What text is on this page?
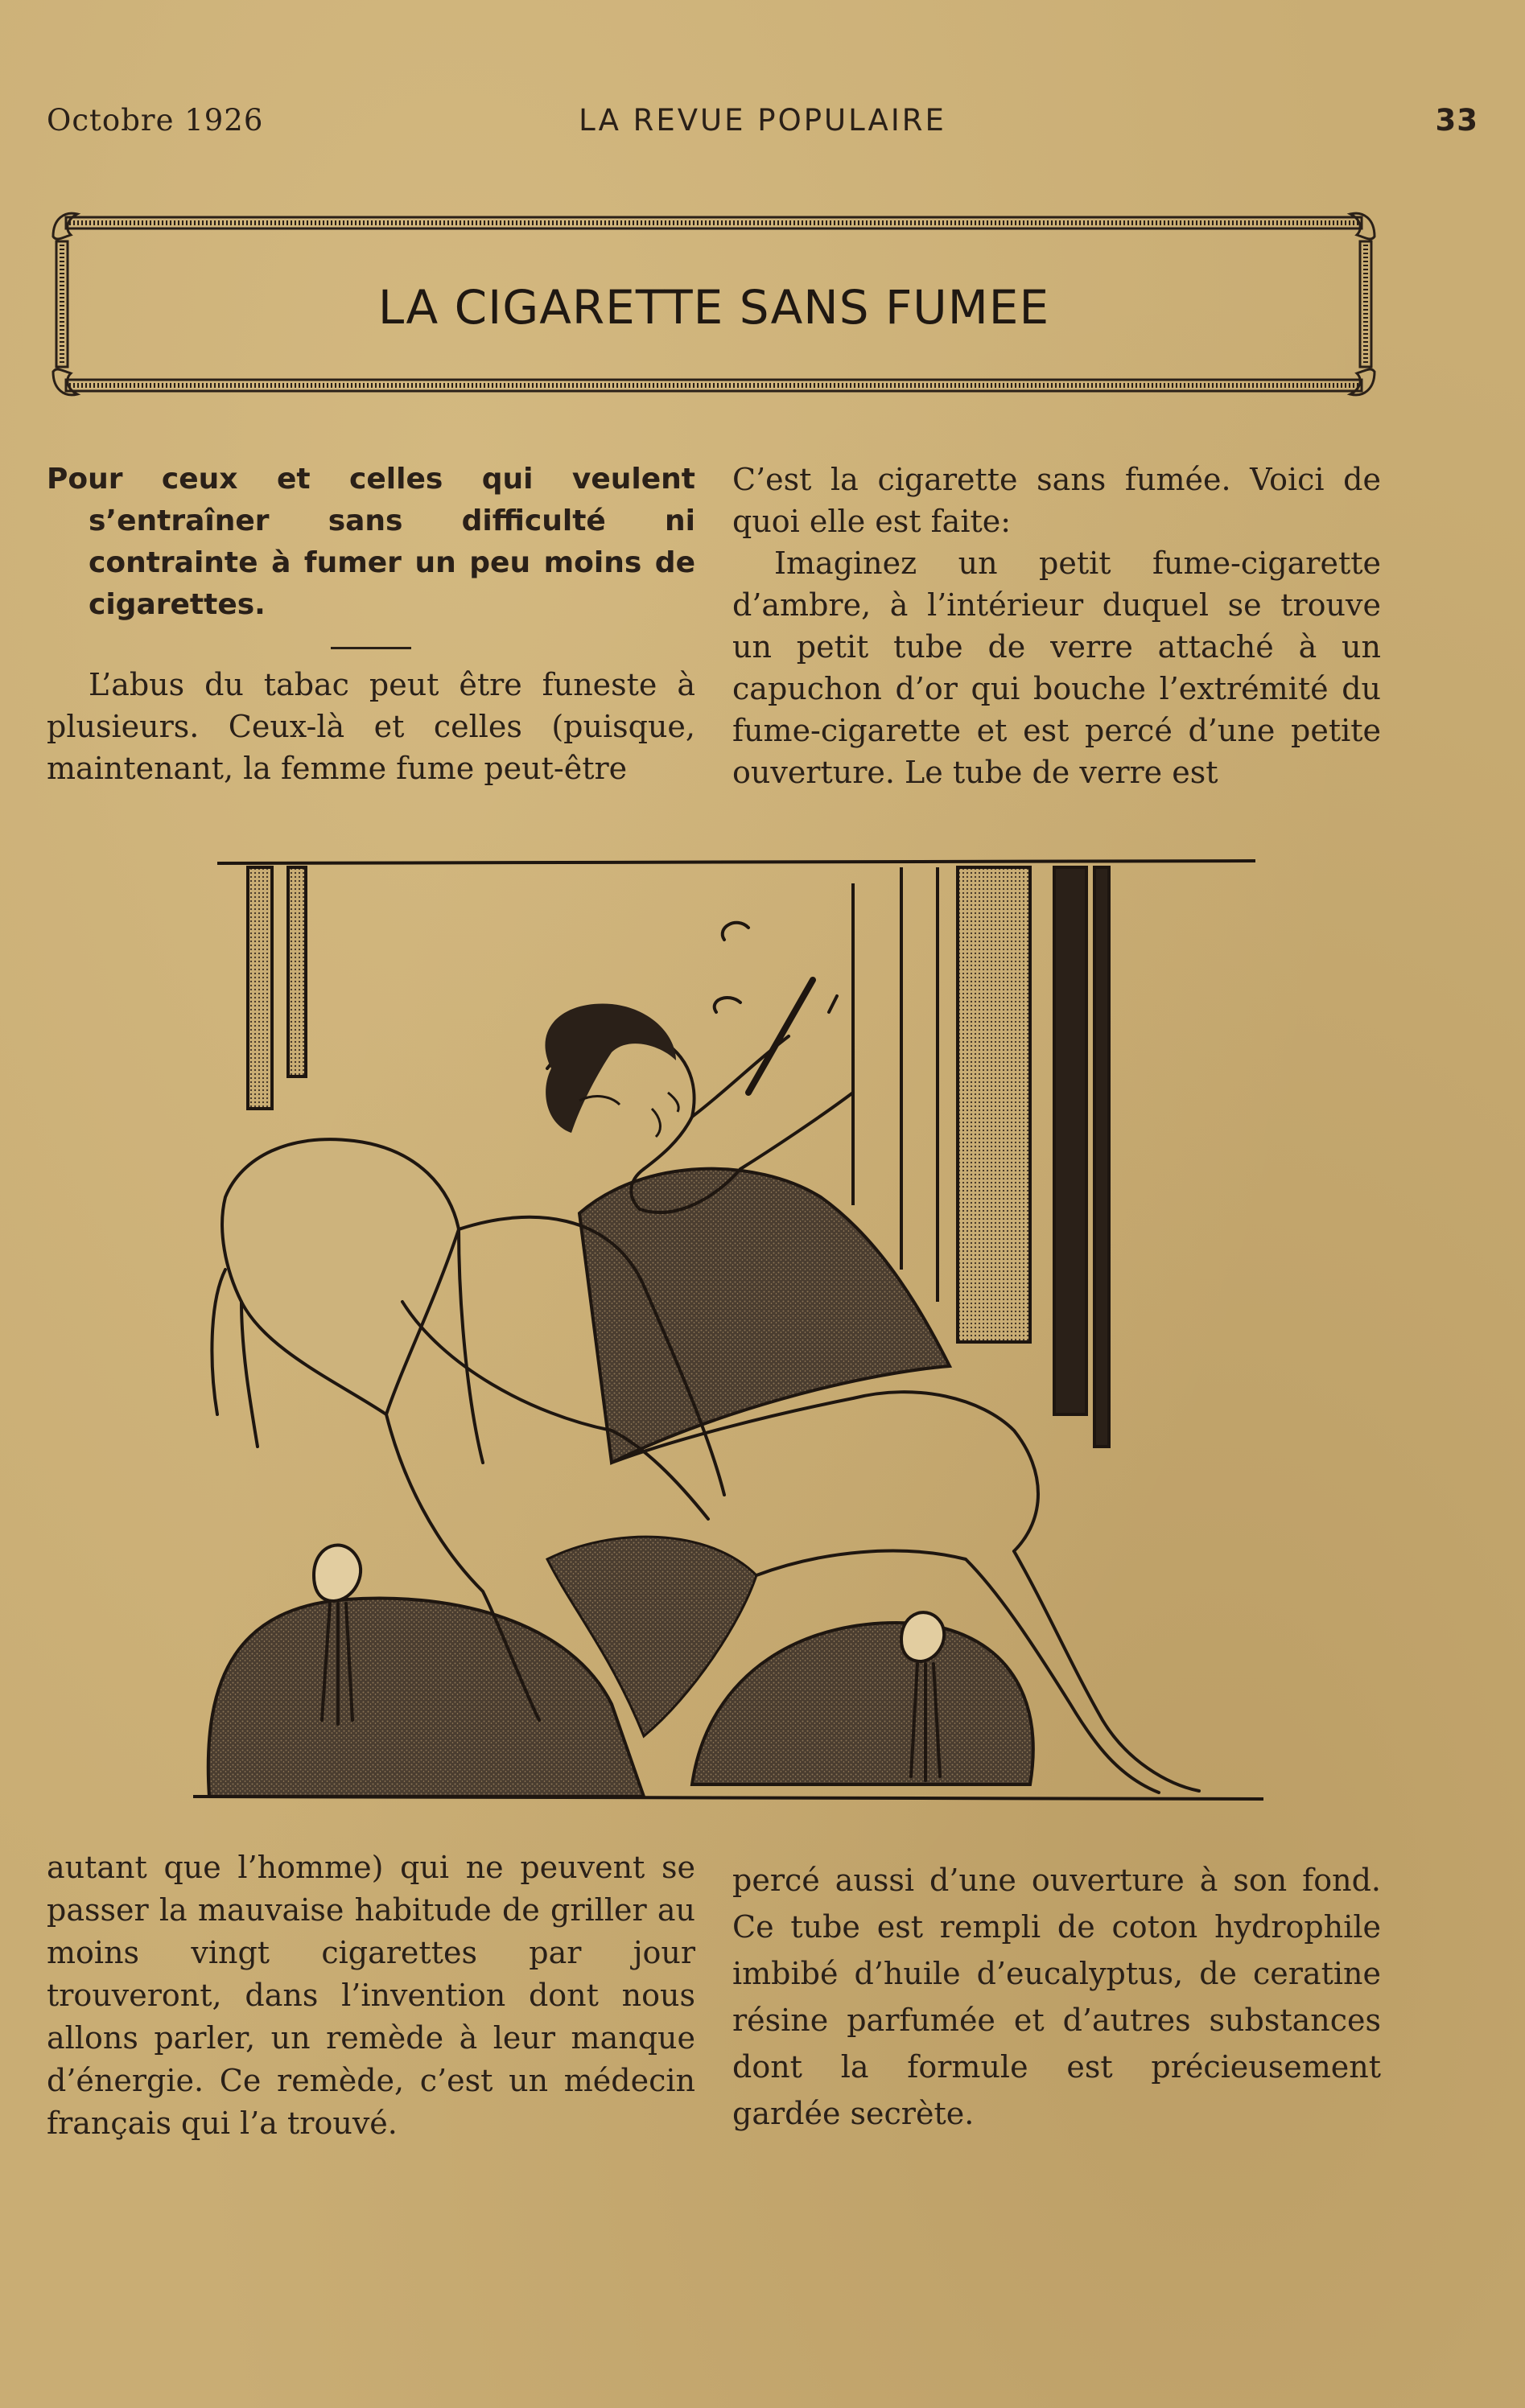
Octobre 1926	LA REVUE POPULAIRE	33
LA CIGARETTE SANS FUMEE

Pour ceux et celles qui veulent s’entraîner sans difficulté ni contrainte à fumer un peu moins de cigarettes.

L’abus du tabac peut être funeste à plusieurs. Ceux-là et celles (puisque, maintenant, la femme fume peut-être

C’est la cigarette sans fumée. Voici de quoi elle est faite:

Imaginez un petit fume-cigarette d’ambre, à l’intérieur duquel se trouve un petit tube de verre attaché à un capuchon d’or qui bouche l’extrémité du fume-cigarette et est percé d’une petite ouverture. Le tube de verre est

autant que l’homme) qui ne peuvent se passer la mauvaise habitude de griller au moins vingt cigarettes par jour trouveront, dans l’invention dont nous allons parler, un remède à leur manque d’énergie. Ce remède, c’est un médecin français qui l’a trouvé.

percé aussi d’une ouverture à son fond. Ce tube est rempli de coton hydrophile imbibé d’huile d’eucalyptus, de ceratine résine parfumée et d’autres substances dont la formule est précieusement gardée secrète.
